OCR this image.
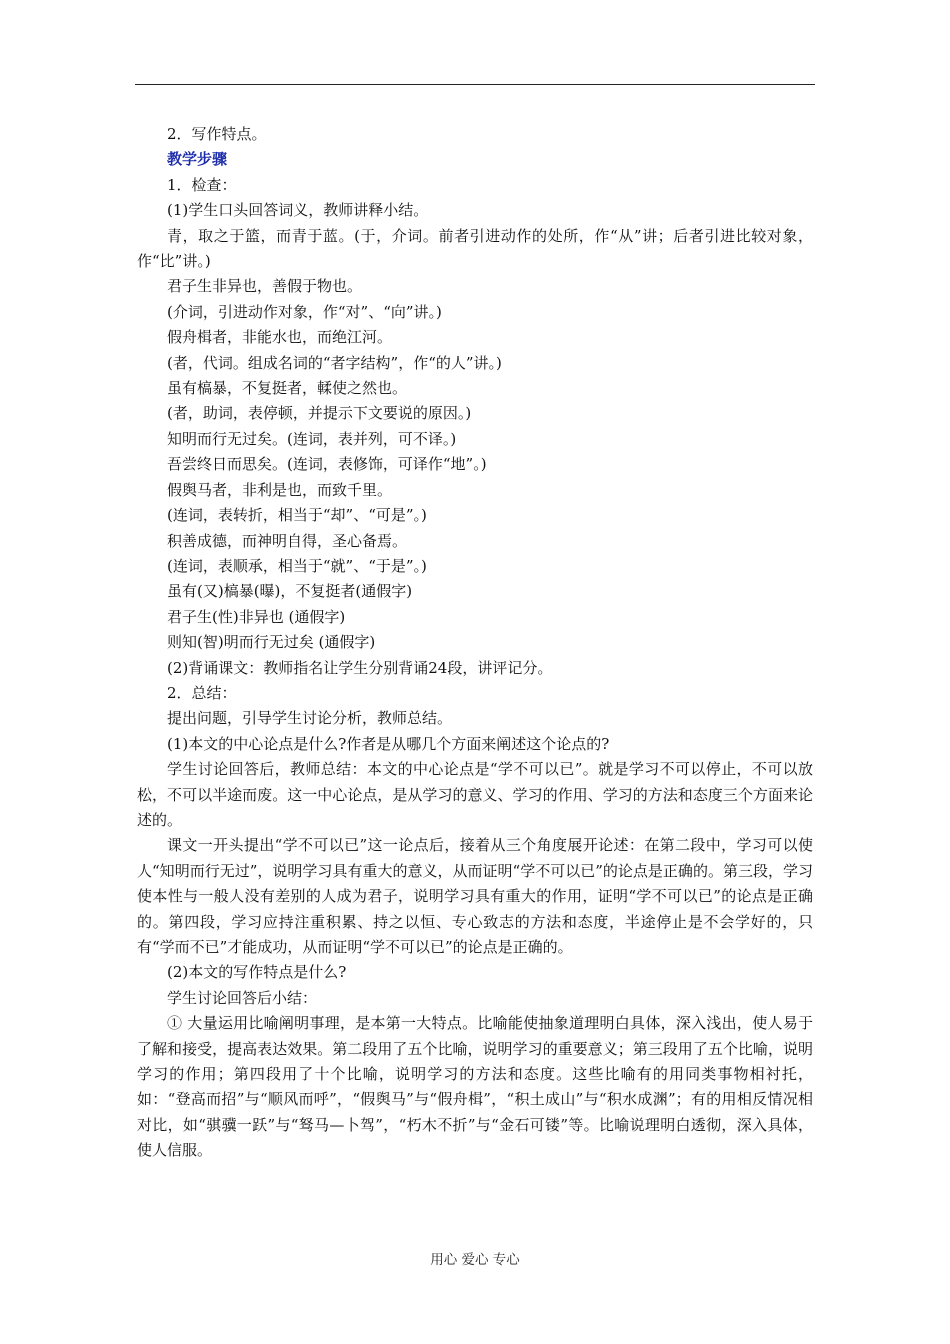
2．写作特点。

教学步骤

1．检查：

(1)学生口头回答词义，教师讲释小结。

青，取之于篮，而青于蓝。(于，介词。前者引进动作的处所，作“从”讲；后者引进比较对象，作“比”讲。)

君子生非异也，善假于物也。

(介词，引进动作对象，作“对”、“向”讲。)

假舟楫者，非能水也，而绝江河。

(者，代词。组成名词的“者字结构”，作“的人”讲。)

虽有槁暴，不复挺者，輮使之然也。

(者，助词，表停顿，并提示下文要说的原因。)

知明而行无过矣。(连词，表并列，可不译。)

吾尝终日而思矣。(连词，表修饰，可译作“地”。)

假舆马者，非利是也，而致千里。

(连词，表转折，相当于“却”、“可是”。)

积善成德，而神明自得，圣心备焉。

(连词，表顺承，相当于“就”、“于是”。)

虽有(又)槁暴(曝)，不复挺者(通假字)

君子生(性)非异也 (通假字)

则知(智)明而行无过矣 (通假字)

(2)背诵课文：教师指名让学生分别背诵24段，讲评记分。

2．总结：

提出问题，引导学生讨论分析，教师总结。

(1)本文的中心论点是什么?作者是从哪几个方面来阐述这个论点的?

学生讨论回答后，教师总结：本文的中心论点是“学不可以已”。就是学习不可以停止，不可以放松，不可以半途而废。这一中心论点，是从学习的意义、学习的作用、学习的方法和态度三个方面来论述的。

课文一开头提出“学不可以已”这一论点后，接着从三个角度展开论述：在第二段中，学习可以使人“知明而行无过”，说明学习具有重大的意义，从而证明“学不可以已”的论点是正确的。第三段，学习使本性与一般人没有差别的人成为君子，说明学习具有重大的作用，证明“学不可以已”的论点是正确的。第四段，学习应持注重积累、持之以恒、专心致志的方法和态度，半途停止是不会学好的，只有“学而不已”才能成功，从而证明“学不可以已”的论点是正确的。

(2)本文的写作特点是什么?

学生讨论回答后小结：

① 大量运用比喻阐明事理，是本第一大特点。比喻能使抽象道理明白具体，深入浅出，使人易于了解和接受，提高表达效果。第二段用了五个比喻，说明学习的重要意义；第三段用了五个比喻，说明学习的作用；第四段用了十个比喻，说明学习的方法和态度。这些比喻有的用同类事物相衬托，如：“登高而招”与“顺风而呼”，“假舆马”与“假舟楫”，“积土成山”与“积水成渊”；有的用相反情况相对比，如“骐骥一跃”与“驽马—卜驾”，“朽木不折”与“金石可镂”等。比喻说理明白透彻，深入具体，使人信服。

用心 爱心 专心
